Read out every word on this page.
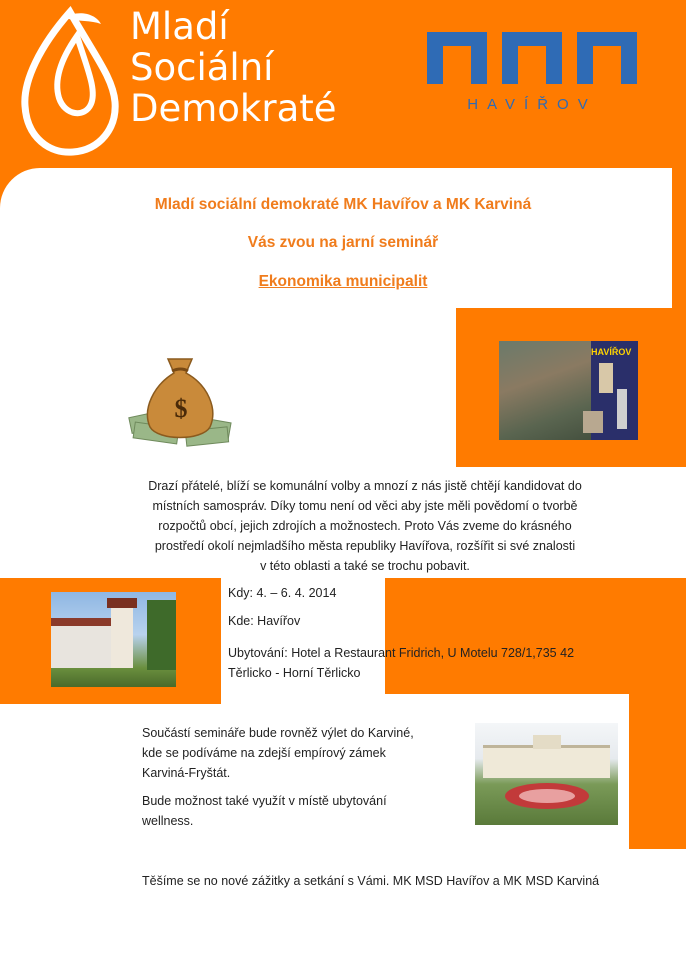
Mladí
Sociální
Demokraté	HAVÍŘOV
Mladí sociální demokraté MK Havířov a MK Karviná
Vás zvou na jarní seminář
Ekonomika municipalit
$
HAVÍŘOV
Drazí přátelé, blíží se komunální volby a mnozí z nás jistě chtějí kandidovat do
místních samospráv. Díky tomu není od věci aby jste měli povědomí o tvorbě
rozpočtů obcí, jejich zdrojích a možnostech. Proto Vás zveme do krásného
prostředí okolí nejmladšího města republiky Havířova, rozšířit si své znalosti
v této oblasti a také se trochu pobavit.
Kdy: 4. – 6. 4. 2014
Kde: Havířov
Ubytování: Hotel a Restaurant Fridrich, U Motelu 728/1,735 42
Těrlicko - Horní Těrlicko
Součástí semináře bude rovněž výlet do Karviné,
kde se podíváme na zdejší empírový zámek
Karviná-Fryštát.
Bude možnost také využít v místě ubytování
wellness.
Těšíme se no nové zážitky a setkání s Vámi. MK MSD Havířov a MK MSD Karviná
